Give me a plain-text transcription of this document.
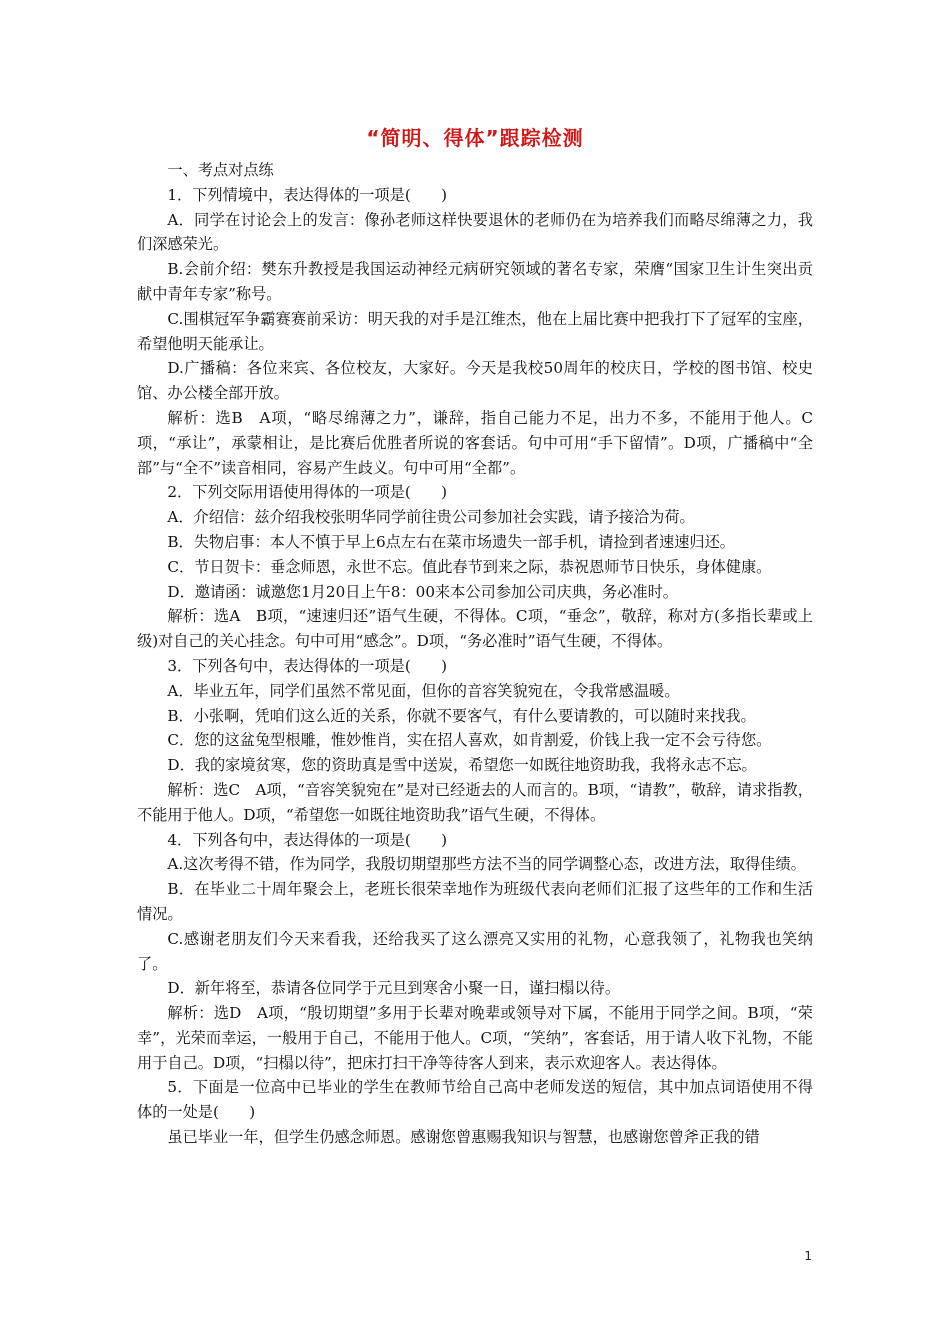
“简明、得体”跟踪检测

一、考点对点练

1．下列情境中，表达得体的一项是(　　)

A．同学在讨论会上的发言：像孙老师这样快要退休的老师仍在为培养我们而略尽绵薄之力，我们深感荣光。

B.会前介绍：樊东升教授是我国运动神经元病研究领域的著名专家，荣膺“国家卫生计生突出贡献中青年专家”称号。

C.围棋冠军争霸赛赛前采访：明天我的对手是江维杰，他在上届比赛中把我打下了冠军的宝座，希望他明天能承让。

D.广播稿：各位来宾、各位校友，大家好。今天是我校50周年的校庆日，学校的图书馆、校史馆、办公楼全部开放。

解析：选B　A项，“略尽绵薄之力”，谦辞，指自己能力不足，出力不多，不能用于他人。C项，“承让”，承蒙相让，是比赛后优胜者所说的客套话。句中可用“手下留情”。D项，广播稿中“全部”与“全不”读音相同，容易产生歧义。句中可用“全都”。

2．下列交际用语使用得体的一项是(　　)

A．介绍信：兹介绍我校张明华同学前往贵公司参加社会实践，请予接洽为荷。

B．失物启事：本人不慎于早上6点左右在菜市场遗失一部手机，请捡到者速速归还。

C．节日贺卡：垂念师恩，永世不忘。值此春节到来之际，恭祝恩师节日快乐，身体健康。

D．邀请函：诚邀您1月20日上午8：00来本公司参加公司庆典，务必准时。

解析：选A　B项，“速速归还”语气生硬，不得体。C项，“垂念”，敬辞，称对方(多指长辈或上级)对自己的关心挂念。句中可用“感念”。D项，“务必准时”语气生硬，不得体。

3．下列各句中，表达得体的一项是(　　)

A．毕业五年，同学们虽然不常见面，但你的音容笑貌宛在，令我常感温暖。

B．小张啊，凭咱们这么近的关系，你就不要客气，有什么要请教的，可以随时来找我。

C．您的这盆兔型根雕，惟妙惟肖，实在招人喜欢，如肯割爱，价钱上我一定不会亏待您。

D．我的家境贫寒，您的资助真是雪中送炭，希望您一如既往地资助我，我将永志不忘。

解析：选C　A项，“音容笑貌宛在”是对已经逝去的人而言的。B项，“请教”，敬辞，请求指教，不能用于他人。D项，“希望您一如既往地资助我”语气生硬，不得体。

4．下列各句中，表达得体的一项是(　　)

A.这次考得不错，作为同学，我殷切期望那些方法不当的同学调整心态，改进方法，取得佳绩。

B．在毕业二十周年聚会上，老班长很荣幸地作为班级代表向老师们汇报了这些年的工作和生活情况。

C.感谢老朋友们今天来看我，还给我买了这么漂亮又实用的礼物，心意我领了，礼物我也笑纳了。

D．新年将至，恭请各位同学于元旦到寒舍小聚一日，谨扫榻以待。

解析：选D　A项，“殷切期望”多用于长辈对晚辈或领导对下属，不能用于同学之间。B项，“荣幸”，光荣而幸运，一般用于自己，不能用于他人。C项，“笑纳”，客套话，用于请人收下礼物，不能用于自己。D项，“扫榻以待”，把床打扫干净等待客人到来，表示欢迎客人。表达得体。

5．下面是一位高中已毕业的学生在教师节给自己高中老师发送的短信，其中加点词语使用不得体的一处是(　　)

虽已毕业一年，但学生仍感念师恩。感谢您曾惠赐我知识与智慧，也感谢您曾斧正我的错

1
